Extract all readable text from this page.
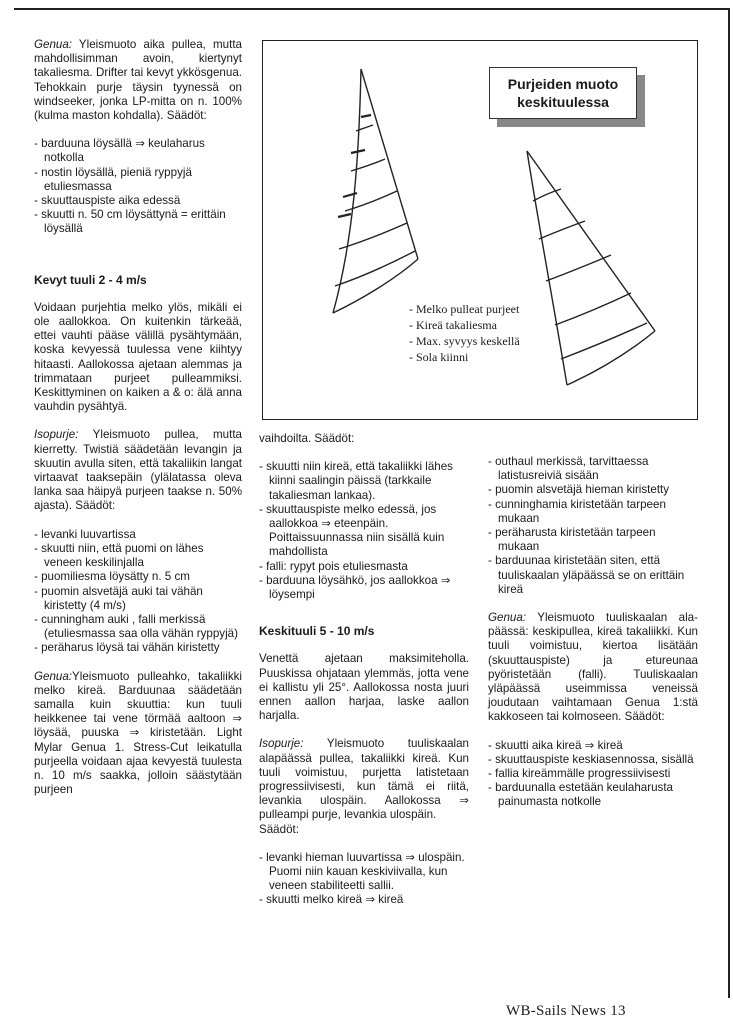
Genua: Yleismuoto aika pullea, mutta mahdollisimman avoin, kiertynyt takaliesma. Drifter tai kevyt ykkösgenua. Tehokkain purje täysin tyynessä on windseeker, jonka LP-mitta on n. 100% (kulma maston kohdalla). Säädöt:

- barduuna löysällä ⇒ keulaharus notkolla
- nostin löysällä, pieniä ryppyjä etuliesmassa
- skuuttauspiste aika edessä
- skuutti n. 50 cm löysättynä = erittäin löysällä

Kevyt tuuli 2 - 4 m/s

Voidaan purjehtia melko ylös, mikäli ei ole aallokkoa. On kuitenkin tärkeää, ettei vauhti pääse välillä pysähtymään, koska kevyessä tuulessa vene kiihtyy hitaasti. Aallokossa ajetaan alemmas ja trimmataan purjeet pulleammiksi. Keskittyminen on kaiken a & o: älä anna vauhdin pysähtyä.

Isopurje: Yleismuoto pullea, mutta kierretty. Twistiä säädetään levangin ja skuutin avulla siten, että takaliikin langat virtaavat taaksepäin (ylälatassa oleva lanka saa häipyä purjeen taakse n. 50% ajasta). Säädöt:

- levanki luuvartissa
- skuutti niin, että puomi on lähes veneen keskilinjalla
- puomiliesma löysätty n. 5 cm
- puomin alsvetäjä auki tai vähän kiristetty (4 m/s)
- cunningham auki , falli merkissä (etuliesmassa saa olla vähän ryppyjä)
- peräharus löysä tai vähän kiristetty

Genua:Yleismuoto pulleahko, takaliikki melko kireä. Barduunaa säädetään samalla kuin skuuttia: kun tuuli heikkenee tai vene törmää aaltoon ⇒ löysää, puuska ⇒ kiristetään. Light Mylar Genua 1. Stress-Cut leikatulla purjeella voidaan ajaa kevyestä tuulesta n. 10 m/s saakka, jolloin säästytään purjeen

Purjeiden muoto keskituulessa
- Melko pulleat purjeet
- Kireä takaliesma
- Max. syvyys keskellä
- Sola kiinni

vaihdoilta. Säädöt:

- skuutti niin kireä, että takaliikki lähes kiinni saalingin päissä (tarkkaile takaliesman lankaa).
- skuuttauspiste melko edessä, jos aallokkoa ⇒ eteenpäin. Poittaissuunnassa niin sisällä kuin mahdollista
- falli: rypyt pois etuliesmasta
- barduuna löysähkö, jos aallokkoa ⇒ löysempi

Keskituuli 5 - 10 m/s

Venettä ajetaan maksimiteholla. Puuskissa ohjataan ylemmäs, jotta vene ei kallistu yli 25°. Aallokossa nosta juuri ennen aallon harjaa, laske aallon harjalla.

Isopurje: Yleismuoto tuuliskaalan alapäässä pullea, takaliikki kireä. Kun tuuli voimistuu, purjetta latistetaan progressiivisesti, kun tämä ei riitä, levankia ulospäin. Aallokossa ⇒ pulleampi purje, levankia ulospäin.

Säädöt:

- levanki hieman luuvartissa ⇒ ulospäin. Puomi niin kauan keskiviivalla, kun veneen stabiliteetti sallii.
- skuutti melko kireä ⇒ kireä
- outhaul merkissä, tarvittaessa latistusreiviä sisään
- puomin alsvetäjä hieman kiristetty
- cunninghamia kiristetään tarpeen mukaan
- peräharusta kiristetään tarpeen mukaan
- barduunaa kiristetään siten, että tuuliskaalan yläpäässä se on erittäin kireä

Genua: Yleismuoto tuuliskaalan ala-päässä: keskipullea, kireä takaliikki. Kun tuuli voimistuu, kiertoa lisätään (skuuttauspiste) ja etureunaa pyöristetään (falli). Tuuliskaalan yläpäässä useimmissa veneissä joudutaan vaihtamaan Genua 1:stä kakkoseen tai kolmoseen. Säädöt:

- skuutti aika kireä ⇒ kireä
- skuuttauspiste keskiasennossa, sisällä
- fallia kireämmälle progressiivisesti
- barduunalla estetään keulaharusta painumasta notkolle
WB-Sails News 13
